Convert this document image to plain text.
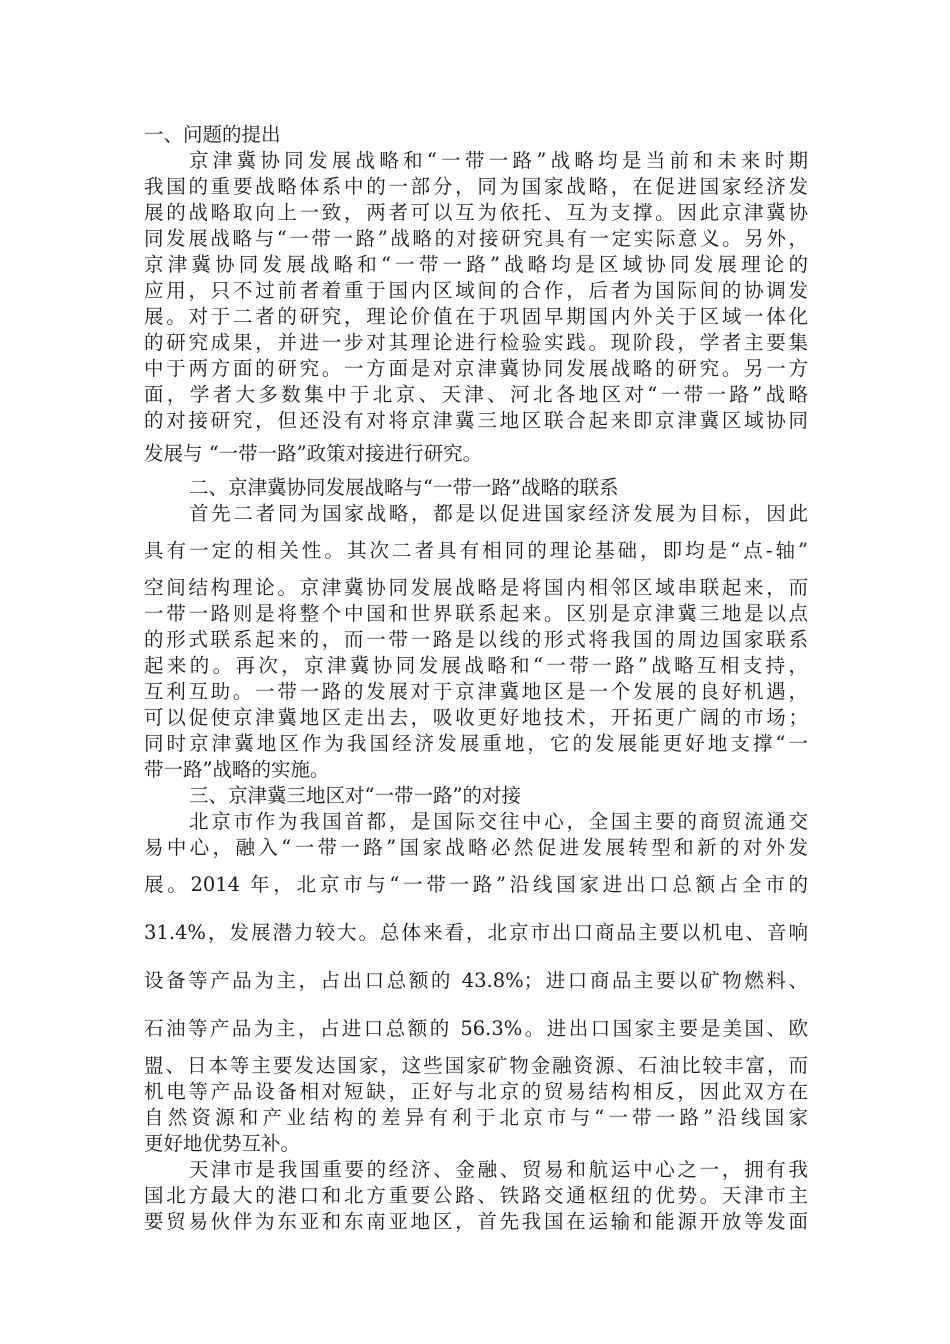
一、问题的提出
京津冀协同发展战略和“一带一路”战略均是当前和未来时期
我国的重要战略体系中的一部分，同为国家战略，在促进国家经济发
展的战略取向上一致，两者可以互为依托、互为支撑。因此京津冀协
同发展战略与“一带一路”战略的对接研究具有一定实际意义。另外，
京津冀协同发展战略和“一带一路”战略均是区域协同发展理论的
应用，只不过前者着重于国内区域间的合作，后者为国际间的协调发
展。对于二者的研究，理论价值在于巩固早期国内外关于区域一体化
的研究成果，并进一步对其理论进行检验实践。现阶段，学者主要集
中于两方面的研究。一方面是对京津冀协同发展战略的研究。另一方
面，学者大多数集中于北京、天津、河北各地区对“一带一路”战略
的对接研究，但还没有对将京津冀三地区联合起来即京津冀区域协同
发展与 “一带一路”政策对接进行研究。
二、京津冀协同发展战略与“一带一路”战略的联系
首先二者同为国家战略，都是以促进国家经济发展为目标，因此
具有一定的相关性。其次二者具有相同的理论基础，即均是“点-轴”
空间结构理论。京津冀协同发展战略是将国内相邻区域串联起来，而
一带一路则是将整个中国和世界联系起来。区别是京津冀三地是以点
的形式联系起来的，而一带一路是以线的形式将我国的周边国家联系
起来的。再次，京津冀协同发展战略和“一带一路”战略互相支持，
互利互助。一带一路的发展对于京津冀地区是一个发展的良好机遇，
可以促使京津冀地区走出去，吸收更好地技术，开拓更广阔的市场；
同时京津冀地区作为我国经济发展重地，它的发展能更好地支撑“一
带一路”战略的实施。
三、京津冀三地区对“一带一路”的对接
北京市作为我国首都，是国际交往中心，全国主要的商贸流通交
易中心，融入“一带一路”国家战略必然促进发展转型和新的对外发
展。2014 年，北京市与“一带一路”沿线国家进出口总额占全市的
31.4%，发展潜力较大。总体来看，北京市出口商品主要以机电、音响
设备等产品为主，占出口总额的 43.8%；进口商品主要以矿物燃料、
石油等产品为主，占进口总额的 56.3%。进出口国家主要是美国、欧
盟、日本等主要发达国家，这些国家矿物金融资源、石油比较丰富，而
机电等产品设备相对短缺，正好与北京的贸易结构相反，因此双方在
自然资源和产业结构的差异有利于北京市与“一带一路”沿线国家
更好地优势互补。
天津市是我国重要的经济、金融、贸易和航运中心之一，拥有我
国北方最大的港口和北方重要公路、铁路交通枢纽的优势。天津市主
要贸易伙伴为东亚和东南亚地区，首先我国在运输和能源开放等发面
